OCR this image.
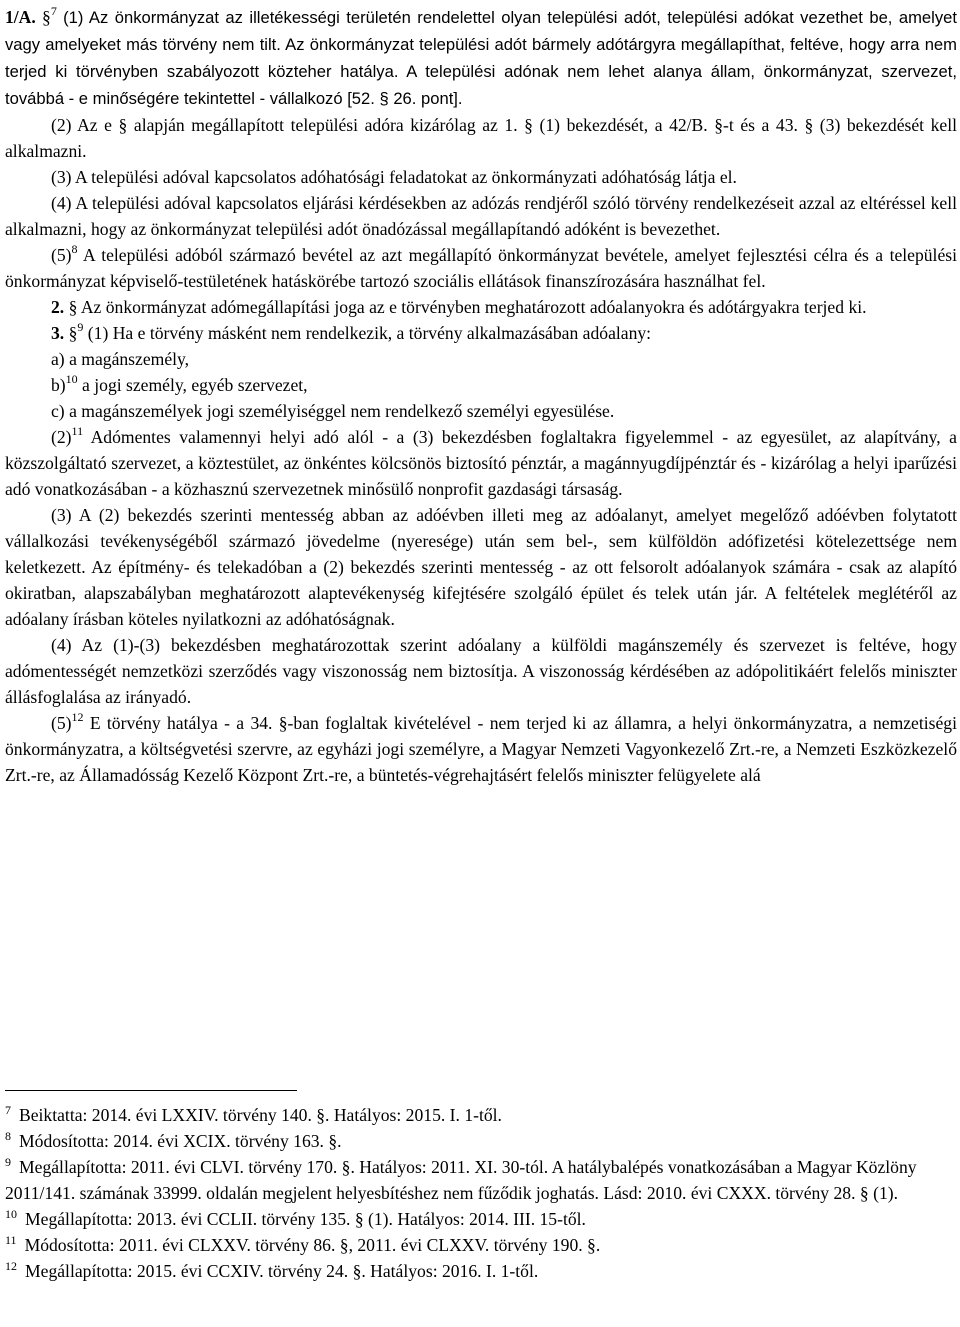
1/A. §$^7$ (1) Az önkormányzat az illetékességi területén rendelettel olyan települési adót, települési adókat vezethet be, amelyet vagy amelyeket más törvény nem tilt. Az önkormányzat települési adót bármely adótárgyra megállapíthat, feltéve, hogy arra nem terjed ki törvényben szabályozott közteher hatálya. A települési adónak nem lehet alanya állam, önkormányzat, szervezet, továbbá - e minőségére tekintettel - vállalkozó [52. § 26. pont].

(2) Az e § alapján megállapított települési adóra kizárólag az 1. § (1) bekezdését, a 42/B. §-t és a 43. § (3) bekezdését kell alkalmazni.

(3) A települési adóval kapcsolatos adóhatósági feladatokat az önkormányzati adóhatóság látja el.

(4) A települési adóval kapcsolatos eljárási kérdésekben az adózás rendjéről szóló törvény rendelkezéseit azzal az eltéréssel kell alkalmazni, hogy az önkormányzat települési adót önadózással megállapítandó adóként is bevezethet.

$(5)^8$ A települési adóból származó bevétel az azt megállapító önkormányzat bevétele, amelyet fejlesztési célra és a települési önkormányzat képviselő-testületének hatáskörébe tartozó szociális ellátások finanszírozására használhat fel.

2. § Az önkormányzat adómegállapítási joga az e törvényben meghatározott adóalanyokra és adótárgyakra terjed ki.

3. §$^9$ (1) Ha e törvény másként nem rendelkezik, a törvény alkalmazásában adóalany:

a) a magánszemély,

b)$^{10}$ a jogi személy, egyéb szervezet,

c) a magánszemélyek jogi személyiséggel nem rendelkező személyi egyesülése.

$(2)^{11}$ Adómentes valamennyi helyi adó alól - a (3) bekezdésben foglaltakra figyelemmel - az egyesület, az alapítvány, a közszolgáltató szervezet, a köztestület, az önkéntes kölcsönös biztosító pénztár, a magánnyugdíjpénztár és - kizárólag a helyi iparűzési adó vonatkozásában - a közhasznú szervezetnek minősülő nonprofit gazdasági társaság.

(3) A (2) bekezdés szerinti mentesség abban az adóévben illeti meg az adóalanyt, amelyet megelőző adóévben folytatott vállalkozási tevékenységéből származó jövedelme (nyeresége) után sem bel-, sem külföldön adófizetési kötelezettsége nem keletkezett. Az építmény- és telekadóban a (2) bekezdés szerinti mentesség - az ott felsorolt adóalanyok számára - csak az alapító okiratban, alapszabályban meghatározott alaptevékenység kifejtésére szolgáló épület és telek után jár. A feltételek meglétéről az adóalany írásban köteles nyilatkozni az adóhatóságnak.

(4) Az (1)-(3) bekezdésben meghatározottak szerint adóalany a külföldi magánszemély és szervezet is feltéve, hogy adómentességét nemzetközi szerződés vagy viszonosság nem biztosítja. A viszonosság kérdésében az adópolitikáért felelős miniszter állásfoglalása az irányadó.

$(5)^{12}$ E törvény hatálya - a 34. §-ban foglaltak kivételével - nem terjed ki az államra, a helyi önkormányzatra, a nemzetiségi önkormányzatra, a költségvetési szervre, az egyházi jogi személyre, a Magyar Nemzeti Vagyonkezelő Zrt.-re, a Nemzeti Eszközkezelő Zrt.-re, az Államadósság Kezelő Központ Zrt.-re, a büntetés-végrehajtásért felelős miniszter felügyelete alá

$^7$ Beiktatta: 2014. évi LXXIV. törvény 140. §. Hatályos: 2015. I. 1-től.

$^8$ Módosította: 2014. évi XCIX. törvény 163. §.

$^9$ Megállapította: 2011. évi CLVI. törvény 170. §. Hatályos: 2011. XI. 30-tól. A hatálybalépés vonatkozásában a Magyar Közlöny 2011/141. számának 33999. oldalán megjelent helyesbítéshez nem fűződik joghatás. Lásd: 2010. évi CXXX. törvény 28. § (1).

$^{10}$ Megállapította: 2013. évi CCLII. törvény 135. § (1). Hatályos: 2014. III. 15-től.

$^{11}$ Módosította: 2011. évi CLXXV. törvény 86. §, 2011. évi CLXXV. törvény 190. §.

$^{12}$ Megállapította: 2015. évi CCXIV. törvény 24. §. Hatályos: 2016. I. 1-től.
